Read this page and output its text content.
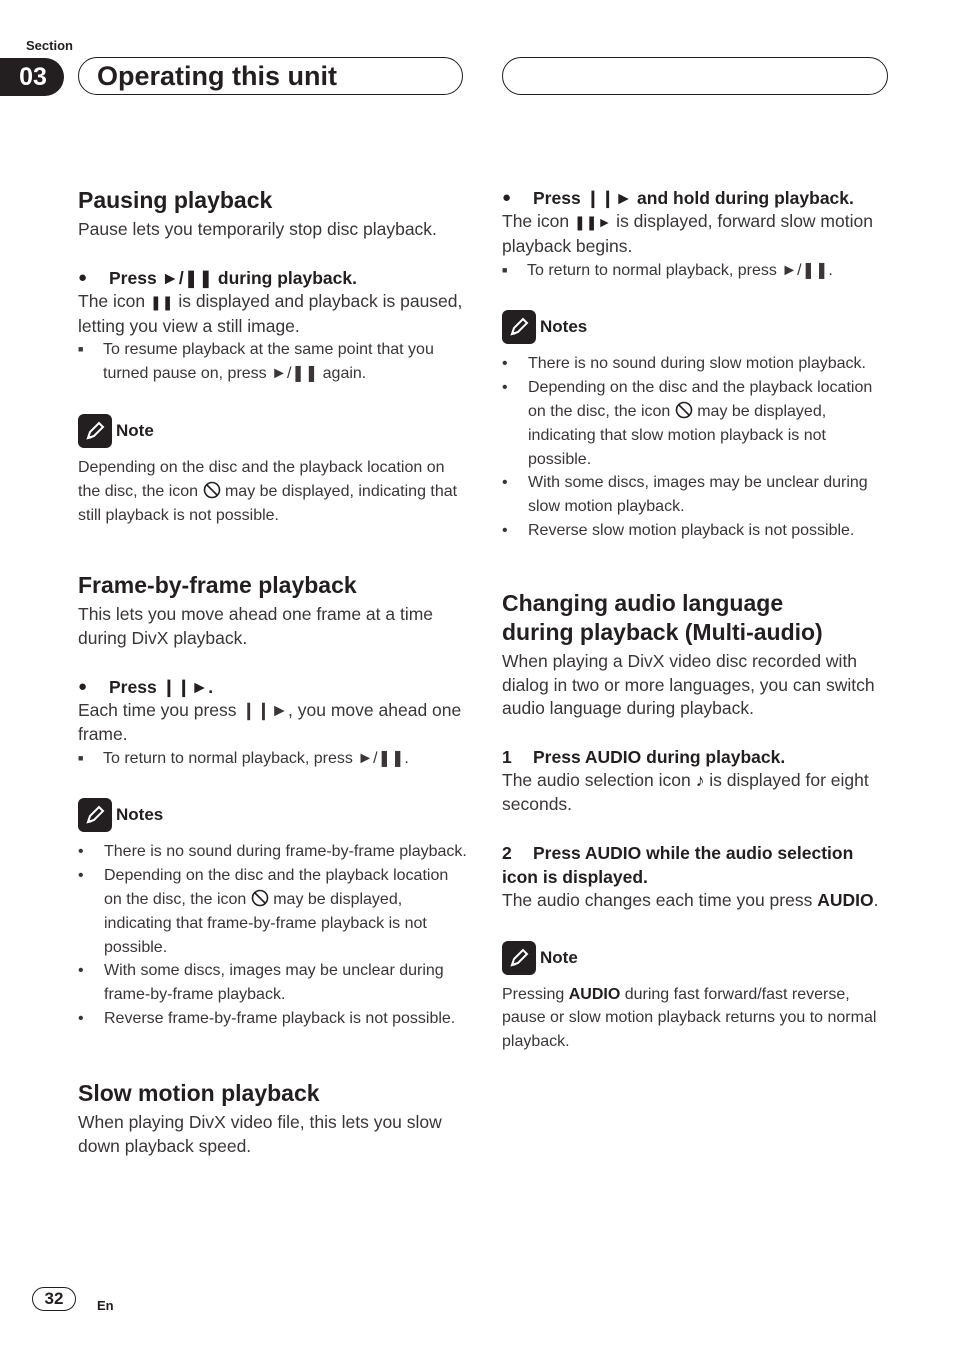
Section
03	Operating this unit
Pausing playback
Pause lets you temporarily stop disc playback.
●	Press ►/❚❚ during playback.
The icon ❚❚ is displayed and playback is paused, letting you view a still image.
■	To resume playback at the same point that you turned pause on, press ►/❚❚ again.
Note
Depending on the disc and the playback location on the disc, the icon  may be displayed, indicating that still playback is not possible.
Frame-by-frame playback
This lets you move ahead one frame at a time during DivX playback.
●	Press ❙❙►.
Each time you press ❙❙►, you move ahead one frame.
■	To return to normal playback, press ►/❚❚.
Notes
•	There is no sound during frame-by-frame playback.
•	Depending on the disc and the playback location on the disc, the icon  may be displayed, indicating that frame-by-frame playback is not possible.
•	With some discs, images may be unclear during frame-by-frame playback.
•	Reverse frame-by-frame playback is not possible.
Slow motion playback
When playing DivX video file, this lets you slow down playback speed.
●	Press ❙❙► and hold during playback.
The icon ❚❚► is displayed, forward slow motion playback begins.
■	To return to normal playback, press ►/❚❚.
Notes
•	There is no sound during slow motion playback.
•	Depending on the disc and the playback location on the disc, the icon  may be displayed, indicating that slow motion playback is not possible.
•	With some discs, images may be unclear during slow motion playback.
•	Reverse slow motion playback is not possible.
Changing audio language
during playback (Multi-audio)
When playing a DivX video disc recorded with dialog in two or more languages, you can switch audio language during playback.
1	Press AUDIO during playback.
The audio selection icon ♪ is displayed for eight seconds.
2	Press AUDIO while the audio selection icon is displayed.
The audio changes each time you press AUDIO.
Note
Pressing AUDIO during fast forward/fast reverse, pause or slow motion playback returns you to normal playback.
32	En
